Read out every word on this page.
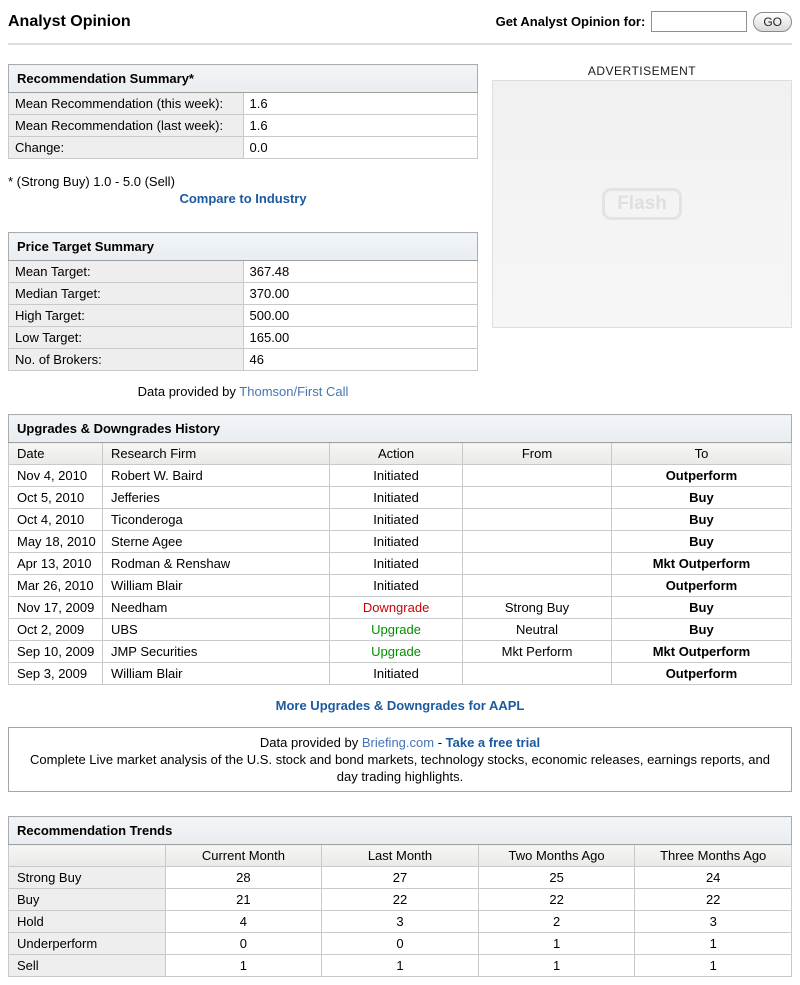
Analyst Opinion	Get Analyst Opinion for:	GO
Recommendation Summary*	
Mean Recommendation (this week):	1.6
Mean Recommendation (last week):	1.6
Change:	0.0
* (Strong Buy) 1.0 - 5.0 (Sell)
Compare to Industry
Price Target Summary	
Mean Target:	367.48
Median Target:	370.00
High Target:	500.00
Low Target:	165.00
No. of Brokers:	46
Data provided by Thomson/First Call
ADVERTISEMENT
Flash
Upgrades & Downgrades History				
Date	Research Firm	Action	From	To
Nov 4, 2010	Robert W. Baird	Initiated		Outperform
Oct 5, 2010	Jefferies	Initiated		Buy
Oct 4, 2010	Ticonderoga	Initiated		Buy
May 18, 2010	Sterne Agee	Initiated		Buy
Apr 13, 2010	Rodman & Renshaw	Initiated		Mkt Outperform
Mar 26, 2010	William Blair	Initiated		Outperform
Nov 17, 2009	Needham	Downgrade	Strong Buy	Buy
Oct 2, 2009	UBS	Upgrade	Neutral	Buy
Sep 10, 2009	JMP Securities	Upgrade	Mkt Perform	Mkt Outperform
Sep 3, 2009	William Blair	Initiated		Outperform
More Upgrades & Downgrades for AAPL
Data provided by Briefing.com - Take a free trial
Complete Live market analysis of the U.S. stock and bond markets, technology stocks, economic releases, earnings reports, and day trading highlights.
Recommendation Trends				
	Current Month	Last Month	Two Months Ago	Three Months Ago
Strong Buy	28	27	25	24
Buy	21	22	22	22
Hold	4	3	2	3
Underperform	0	0	1	1
Sell	1	1	1	1
